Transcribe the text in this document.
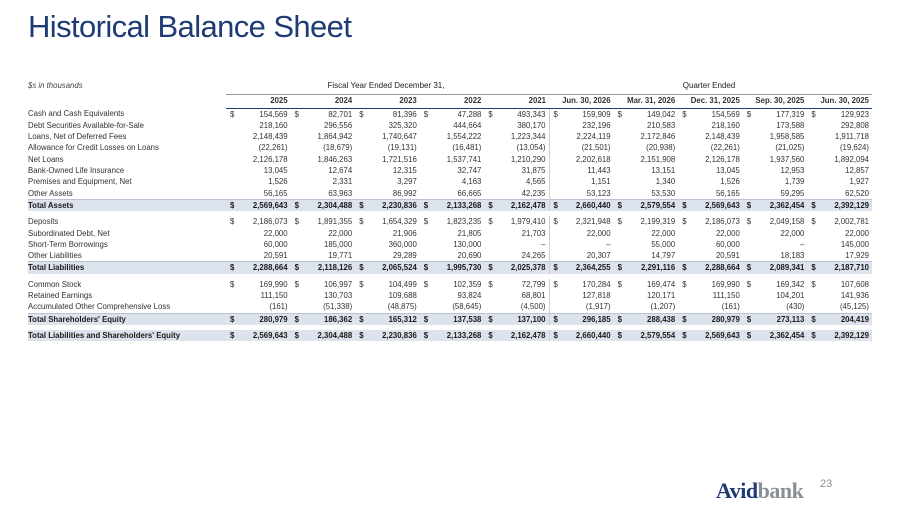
Historical Balance Sheet
$s in thousands	Fiscal Year Ended December 31,					Quarter Ended				

	2025	2024	2023	2022	2021	Jun. 30, 2026	Mar. 31, 2026	Dec. 31, 2025	Sep. 30, 2025	Jun. 30, 2025
Cash and Cash Equivalents	$ 154,569	$ 82,701	$ 81,396	$ 47,288	$ 493,343	$ 159,909	$ 149,042	$ 154,569	$ 177,319	$ 129,923
Debt Securities Available-for-Sale	218,160	296,556	325,320	444,664	380,170	232,196	210,583	218,160	173,588	292,808
Loans, Net of Deferred Fees	2,148,439	1,864,942	1,740,647	1,554,222	1,223,344	2,224,119	2,172,846	2,148,439	1,958,585	1,911,718
Allowance for Credit Losses on Loans	(22,261)	(18,679)	(19,131)	(16,481)	(13,054)	(21,501)	(20,938)	(22,261)	(21,025)	(19,624)
Net Loans	2,126,178	1,846,263	1,721,516	1,537,741	1,210,290	2,202,618	2,151,908	2,126,178	1,937,560	1,892,094
Bank-Owned Life Insurance	13,045	12,674	12,315	32,747	31,875	11,443	13,151	13,045	12,953	12,857
Premises and Equipment, Net	1,526	2,331	3,297	4,163	4,565	1,151	1,340	1,526	1,739	1,927
Other Assets	56,165	63,963	86,992	66,665	42,235	53,123	53,530	56,165	59,295	62,520
Total Assets	$ 2,569,643	$ 2,304,488	$ 2,230,836	$ 2,133,268	$ 2,162,478	$ 2,660,440	$ 2,579,554	$ 2,569,643	$ 2,362,454	$ 2,392,129

Deposits	$ 2,186,073	$ 1,891,355	$ 1,654,329	$ 1,823,235	$ 1,979,410	$ 2,321,948	$ 2,199,319	$ 2,186,073	$ 2,049,158	$ 2,002,781
Subordinated Debt, Net	22,000	22,000	21,906	21,805	21,703	22,000	22,000	22,000	22,000	22,000
Short-Term Borrowings	60,000	185,000	360,000	130,000	–	–	55,000	60,000	–	145,000
Other Liabilities	20,591	19,771	29,289	20,690	24,265	20,307	14,797	20,591	18,183	17,929
Total Liabilities	$ 2,288,664	$ 2,118,126	$ 2,065,524	$ 1,995,730	$ 2,025,378	$ 2,364,255	$ 2,291,116	$ 2,288,664	$ 2,089,341	$ 2,187,710

Common Stock	$ 169,990	$ 106,997	$ 104,499	$ 102,359	$ 72,799	$ 170,284	$ 169,474	$ 169,990	$ 169,342	$ 107,608
Retained Earnings	111,150	130,703	109,688	93,824	68,801	127,818	120,171	111,150	104,201	141,936
Accumulated Other Comprehensive Loss	(161)	(51,338)	(48,875)	(58,645)	(4,500)	(1,917)	(1,207)	(161)	(430)	(45,125)
Total Shareholders' Equity	$ 280,979	$ 186,362	$ 165,312	$ 137,538	$ 137,100	$ 296,185	$ 288,438	$ 280,979	$ 273,113	$ 204,419

Total Liabilities and Shareholders' Equity	$ 2,569,643	$ 2,304,488	$ 2,230,836	$ 2,133,268	$ 2,162,478	$ 2,660,440	$ 2,579,554	$ 2,569,643	$ 2,362,454	$ 2,392,129
Avidbank 23
